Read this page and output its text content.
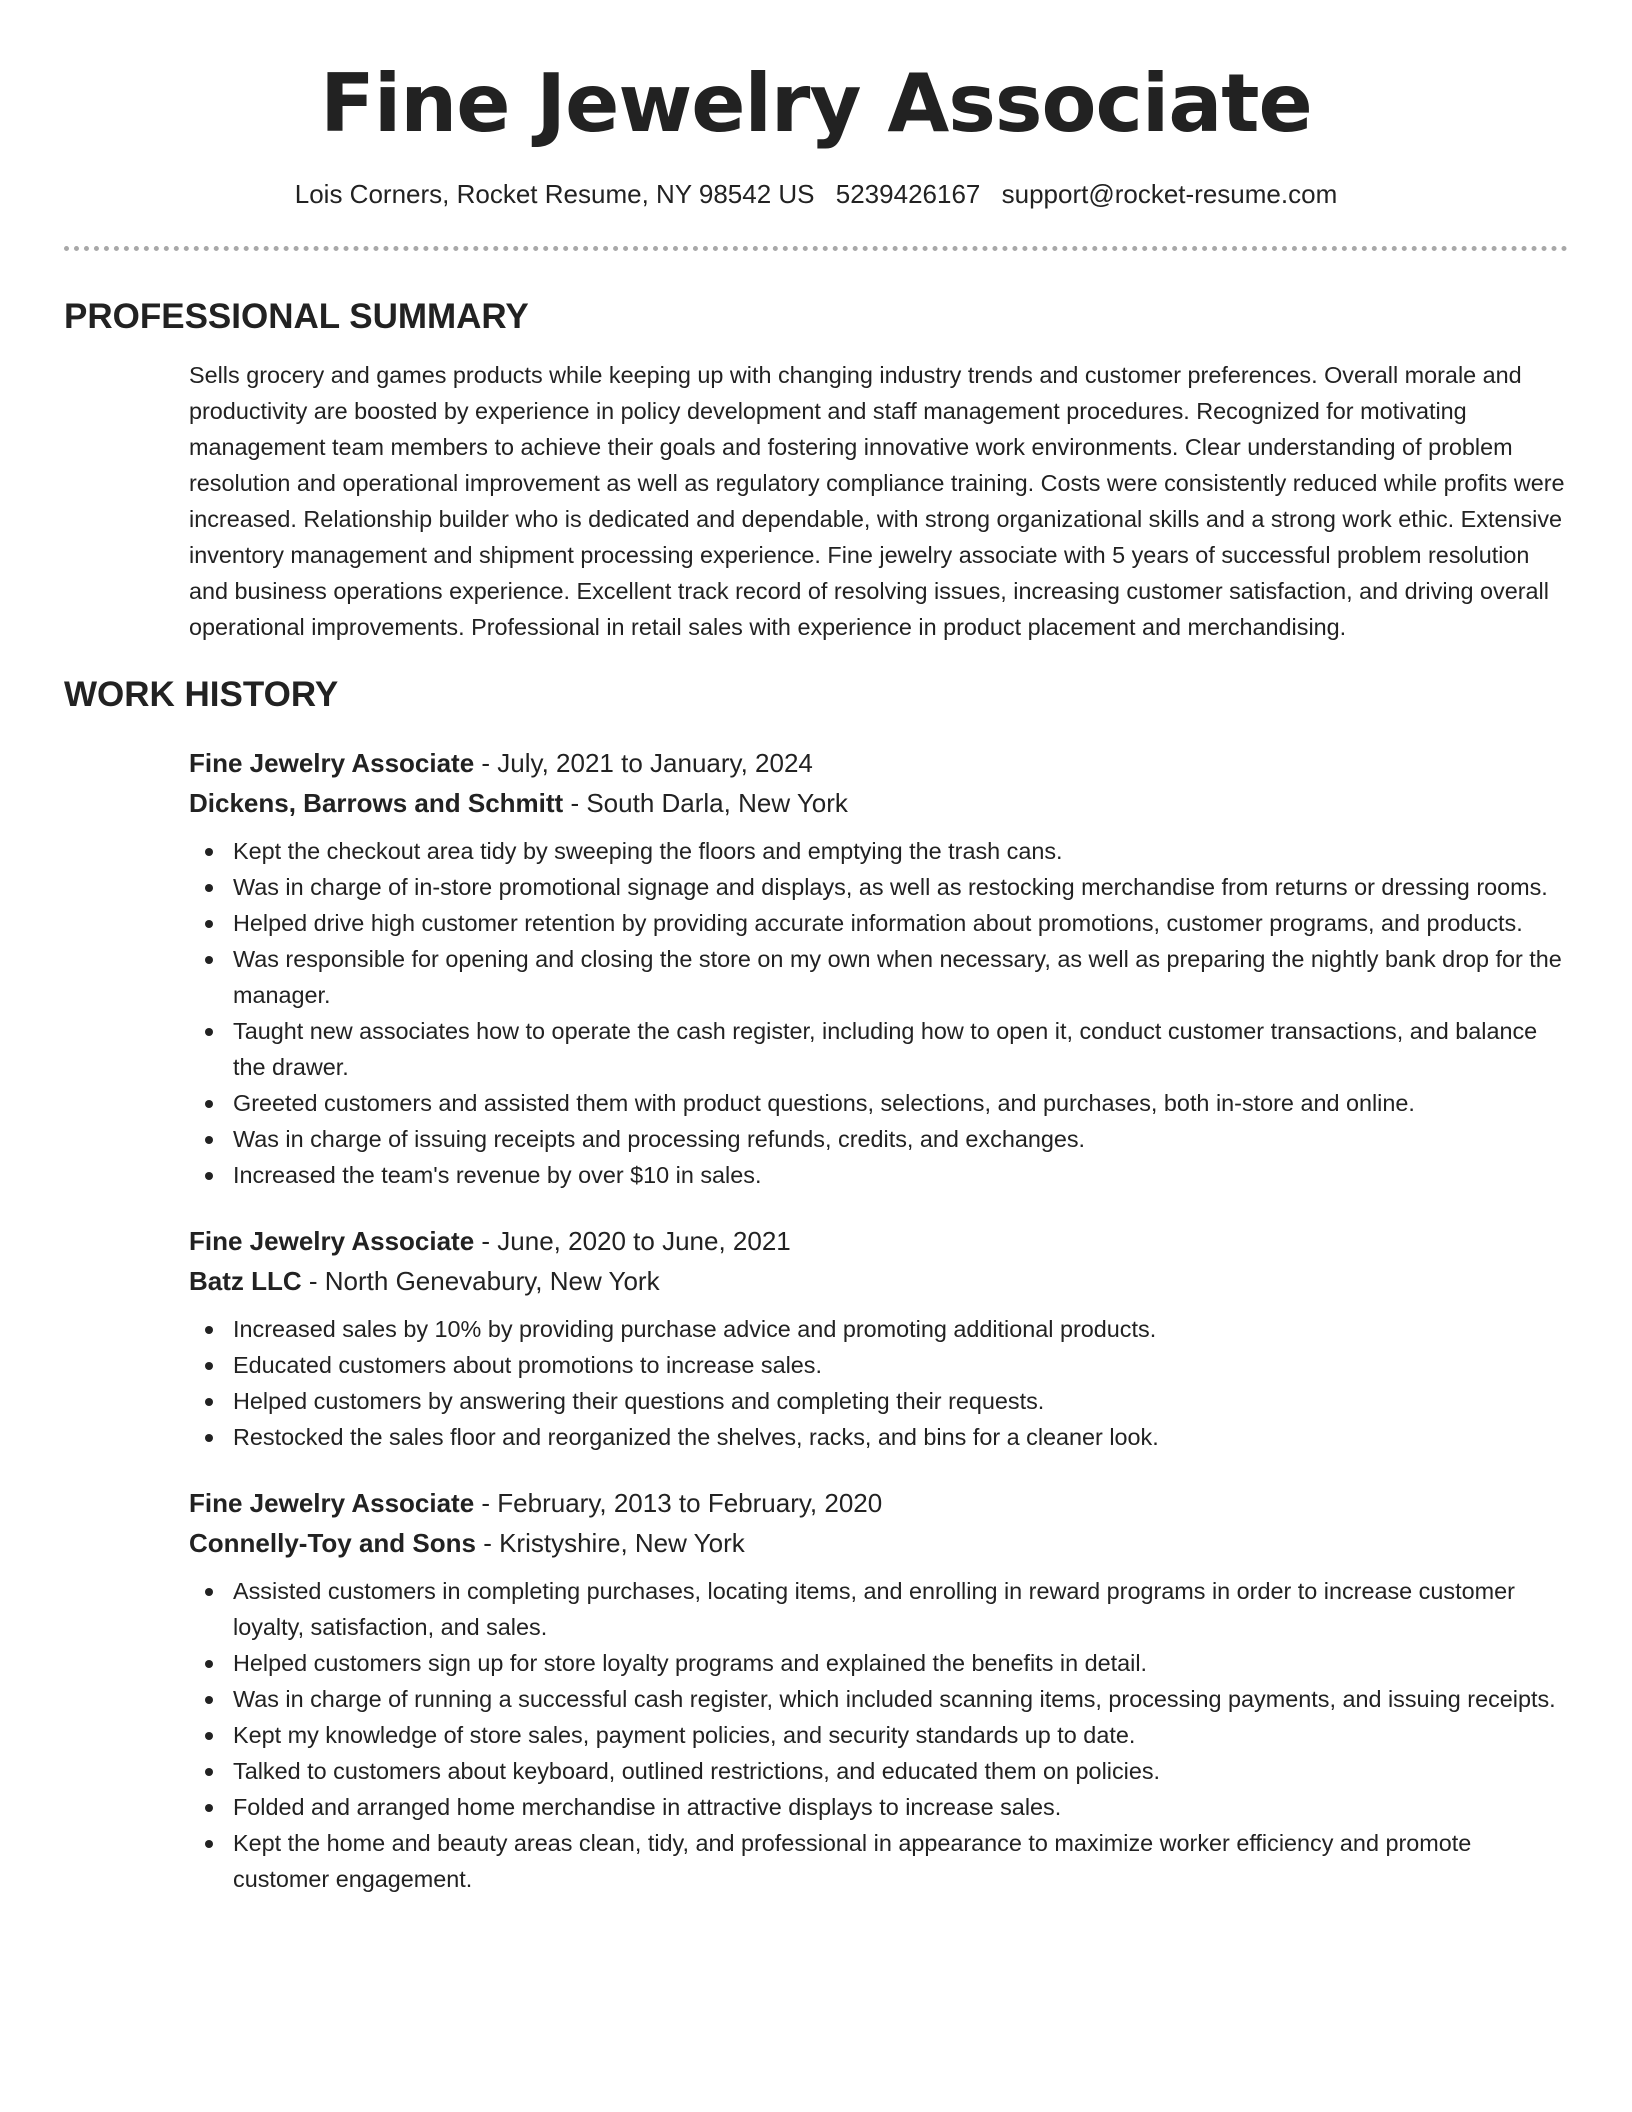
Fine Jewelry Associate
Lois Corners, Rocket Resume, NY 98542 US 5239426167 support@rocket-resume.com
PROFESSIONAL SUMMARY

Sells grocery and games products while keeping up with changing industry trends and customer preferences. Overall morale and productivity are boosted by experience in policy development and staff management procedures. Recognized for motivating management team members to achieve their goals and fostering innovative work environments. Clear understanding of problem resolution and operational improvement as well as regulatory compliance training. Costs were consistently reduced while profits were increased. Relationship builder who is dedicated and dependable, with strong organizational skills and a strong work ethic. Extensive inventory management and shipment processing experience. Fine jewelry associate with 5 years of successful problem resolution and business operations experience. Excellent track record of resolving issues, increasing customer satisfaction, and driving overall operational improvements. Professional in retail sales with experience in product placement and merchandising.

WORK HISTORY
Fine Jewelry Associate - July, 2021 to January, 2024
Dickens, Barrows and Schmitt - South Darla, New York
Kept the checkout area tidy by sweeping the floors and emptying the trash cans.
Was in charge of in-store promotional signage and displays, as well as restocking merchandise from returns or dressing rooms.
Helped drive high customer retention by providing accurate information about promotions, customer programs, and products.
Was responsible for opening and closing the store on my own when necessary, as well as preparing the nightly bank drop for the manager.
Taught new associates how to operate the cash register, including how to open it, conduct customer transactions, and balance the drawer.
Greeted customers and assisted them with product questions, selections, and purchases, both in-store and online.
Was in charge of issuing receipts and processing refunds, credits, and exchanges.
Increased the team's revenue by over $10 in sales.
Fine Jewelry Associate - June, 2020 to June, 2021
Batz LLC - North Genevabury, New York
Increased sales by 10% by providing purchase advice and promoting additional products.
Educated customers about promotions to increase sales.
Helped customers by answering their questions and completing their requests.
Restocked the sales floor and reorganized the shelves, racks, and bins for a cleaner look.
Fine Jewelry Associate - February, 2013 to February, 2020
Connelly-Toy and Sons - Kristyshire, New York
Assisted customers in completing purchases, locating items, and enrolling in reward programs in order to increase customer loyalty, satisfaction, and sales.
Helped customers sign up for store loyalty programs and explained the benefits in detail.
Was in charge of running a successful cash register, which included scanning items, processing payments, and issuing receipts.
Kept my knowledge of store sales, payment policies, and security standards up to date.
Talked to customers about keyboard, outlined restrictions, and educated them on policies.
Folded and arranged home merchandise in attractive displays to increase sales.
Kept the home and beauty areas clean, tidy, and professional in appearance to maximize worker efficiency and promote customer engagement.
